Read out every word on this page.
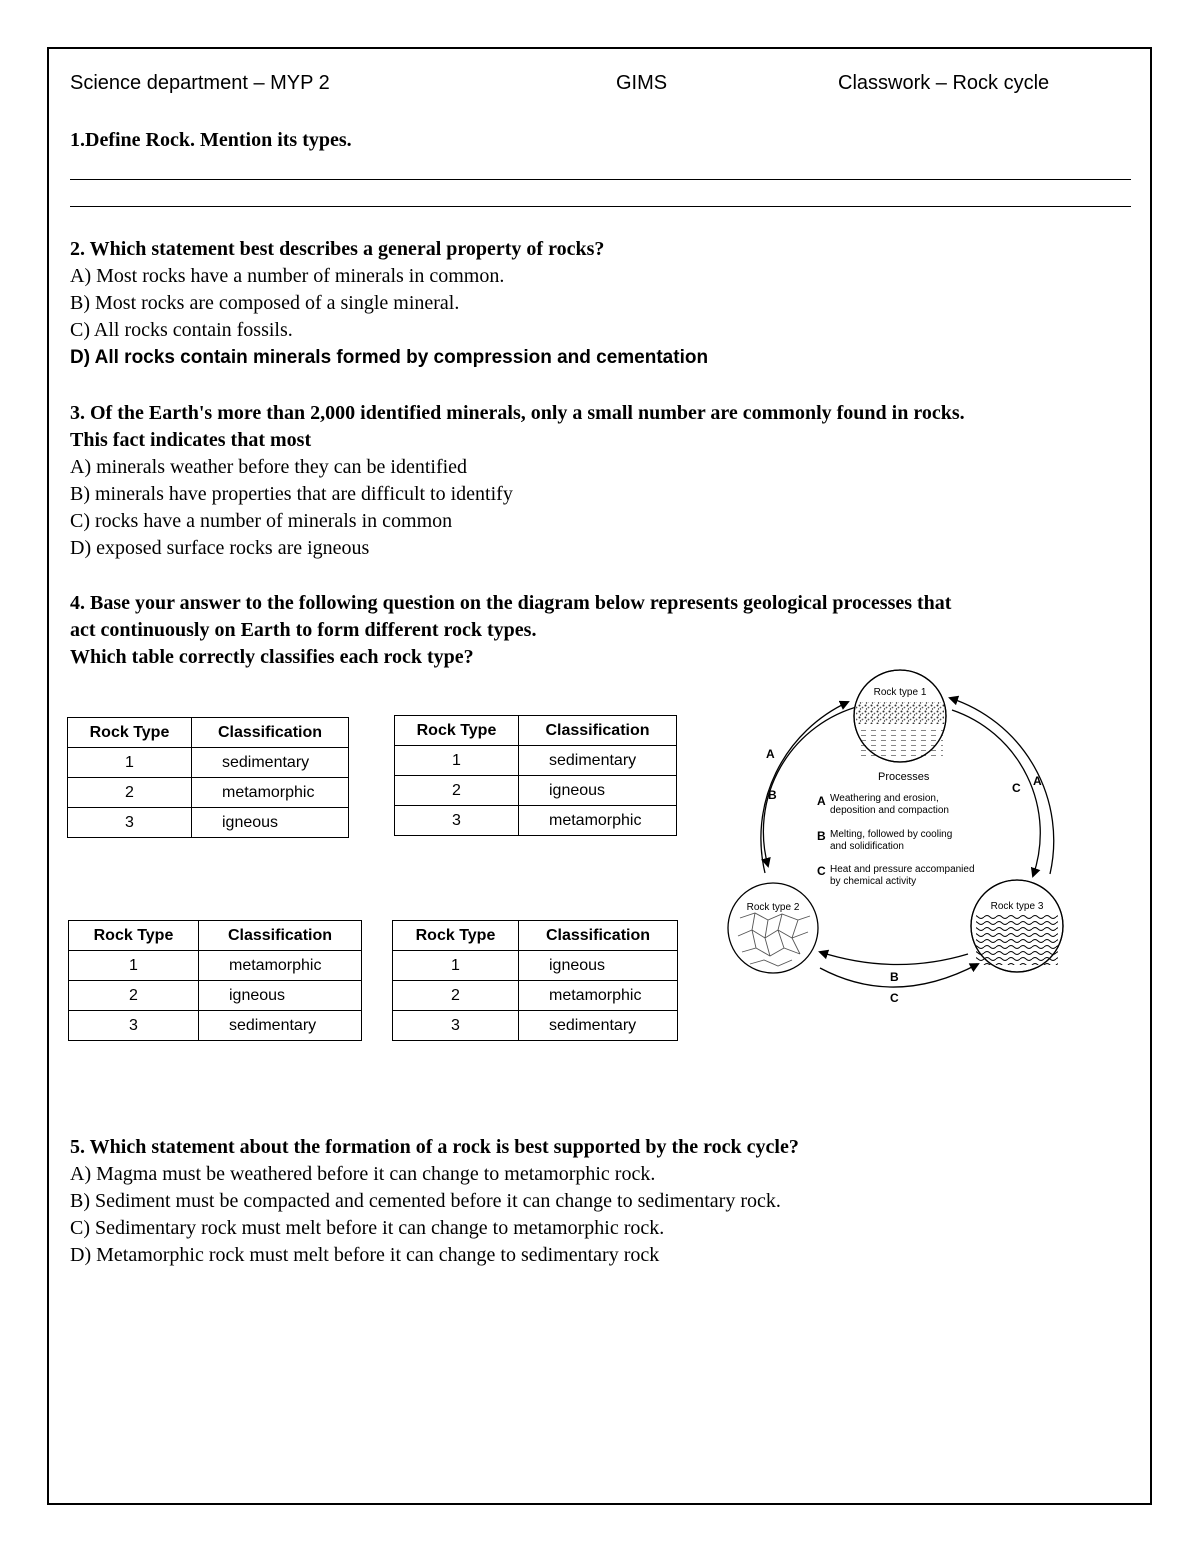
Science department – MYP 2	GIMS	Classwork – Rock cycle
1.Define Rock. Mention its types.
2. Which statement best describes a general property of rocks?
A) Most rocks have a number of minerals in common.
B) Most rocks are composed of a single mineral.
C) All rocks contain fossils.
D) All rocks contain minerals formed by compression and cementation
3. Of the Earth's more than 2,000 identified minerals, only a small number are commonly found in rocks.
This fact indicates that most
A) minerals weather before they can be identified
B) minerals have properties that are difficult to identify
C) rocks have a number of minerals in common
D) exposed surface rocks are igneous
4. Base your answer to the following question on the diagram below represents geological processes that
act continuously on Earth to form different rock types.
Which table correctly classifies each rock type?
Rock Type	Classification
1	sedimentary
2	metamorphic
3	igneous
Rock Type	Classification
1	sedimentary
2	igneous
3	metamorphic
Rock Type	Classification
1	metamorphic
2	igneous
3	sedimentary
Rock Type	Classification
1	igneous
2	metamorphic
3	sedimentary
Rock type 1
Rock type 2	Rock type 3
A
B	C A
B
C
Processes
A Weathering and erosion,
deposition and compaction
B Melting, followed by cooling
and solidification
C Heat and pressure accompanied
by chemical activity
5. Which statement about the formation of a rock is best supported by the rock cycle?
A) Magma must be weathered before it can change to metamorphic rock.
B) Sediment must be compacted and cemented before it can change to sedimentary rock.
C) Sedimentary rock must melt before it can change to metamorphic rock.
D) Metamorphic rock must melt before it can change to sedimentary rock
